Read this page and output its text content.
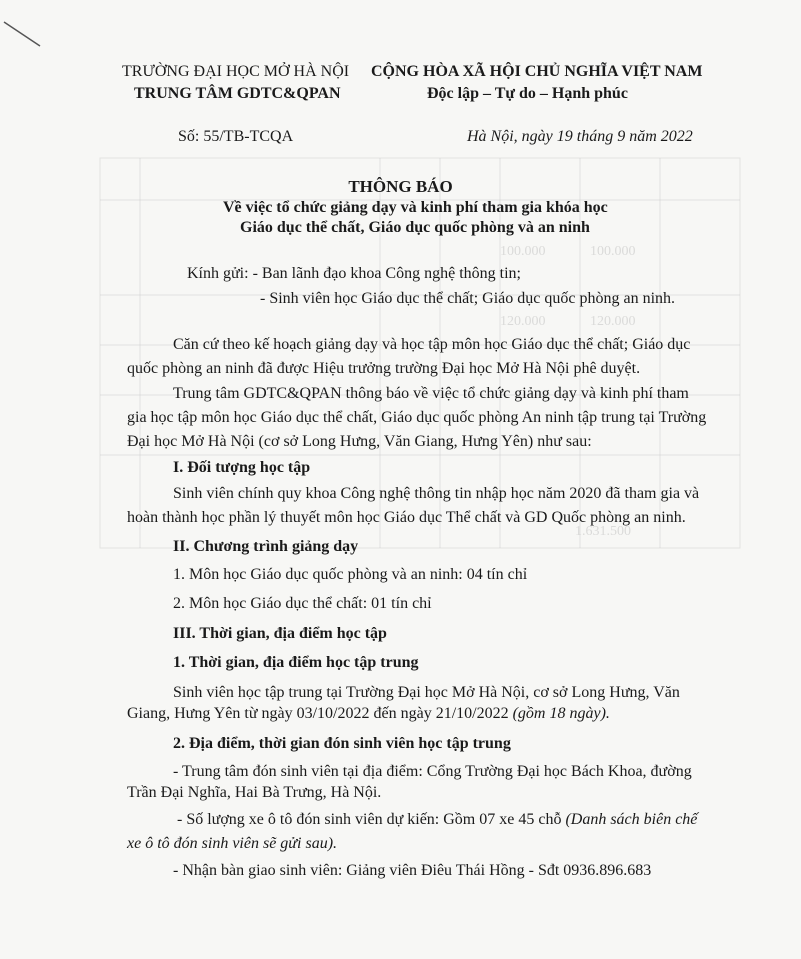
1.631.500
100.000	100.000
120.000	120.000
TRƯỜNG ĐẠI HỌC MỞ HÀ NỘI
TRUNG TÂM GDTC&QPAN
CỘNG HÒA XÃ HỘI CHỦ NGHĨA VIỆT NAM
Độc lập – Tự do – Hạnh phúc
Số: 55/TB-TCQA	Hà Nội, ngày 19 tháng 9 năm 2022
THÔNG BÁO
Về việc tổ chức giảng dạy và kinh phí tham gia khóa học
Giáo dục thể chất, Giáo dục quốc phòng và an ninh
Kính gửi: - Ban lãnh đạo khoa Công nghệ thông tin;
- Sinh viên học Giáo dục thể chất; Giáo dục quốc phòng an ninh.
Căn cứ theo kế hoạch giảng dạy và học tập môn học Giáo dục thể chất; Giáo dục
quốc phòng an ninh đã được Hiệu trưởng trường Đại học Mở Hà Nội phê duyệt.
Trung tâm GDTC&QPAN thông báo về việc tổ chức giảng dạy và kinh phí tham
gia học tập môn học Giáo dục thể chất, Giáo dục quốc phòng An ninh tập trung tại Trường
Đại học Mở Hà Nội (cơ sở Long Hưng, Văn Giang, Hưng Yên) như sau:
I. Đối tượng học tập
Sinh viên chính quy khoa Công nghệ thông tin nhập học năm 2020 đã tham gia và
hoàn thành học phần lý thuyết môn học Giáo dục Thể chất và GD Quốc phòng an ninh.
II. Chương trình giảng dạy
1. Môn học Giáo dục quốc phòng và an ninh: 04 tín chỉ
2. Môn học Giáo dục thể chất: 01 tín chỉ
III. Thời gian, địa điểm học tập
1. Thời gian, địa điểm học tập trung
Sinh viên học tập trung tại Trường Đại học Mở Hà Nội, cơ sở Long Hưng, Văn
Giang, Hưng Yên từ ngày 03/10/2022 đến ngày 21/10/2022 (gồm 18 ngày).
2. Địa điểm, thời gian đón sinh viên học tập trung
- Trung tâm đón sinh viên tại địa điểm: Cổng Trường Đại học Bách Khoa, đường
Trần Đại Nghĩa, Hai Bà Trưng, Hà Nội.
- Số lượng xe ô tô đón sinh viên dự kiến: Gồm 07 xe 45 chỗ (Danh sách biên chế
xe ô tô đón sinh viên sẽ gửi sau).
- Nhận bàn giao sinh viên: Giảng viên Điêu Thái Hồng - Sđt 0936.896.683
